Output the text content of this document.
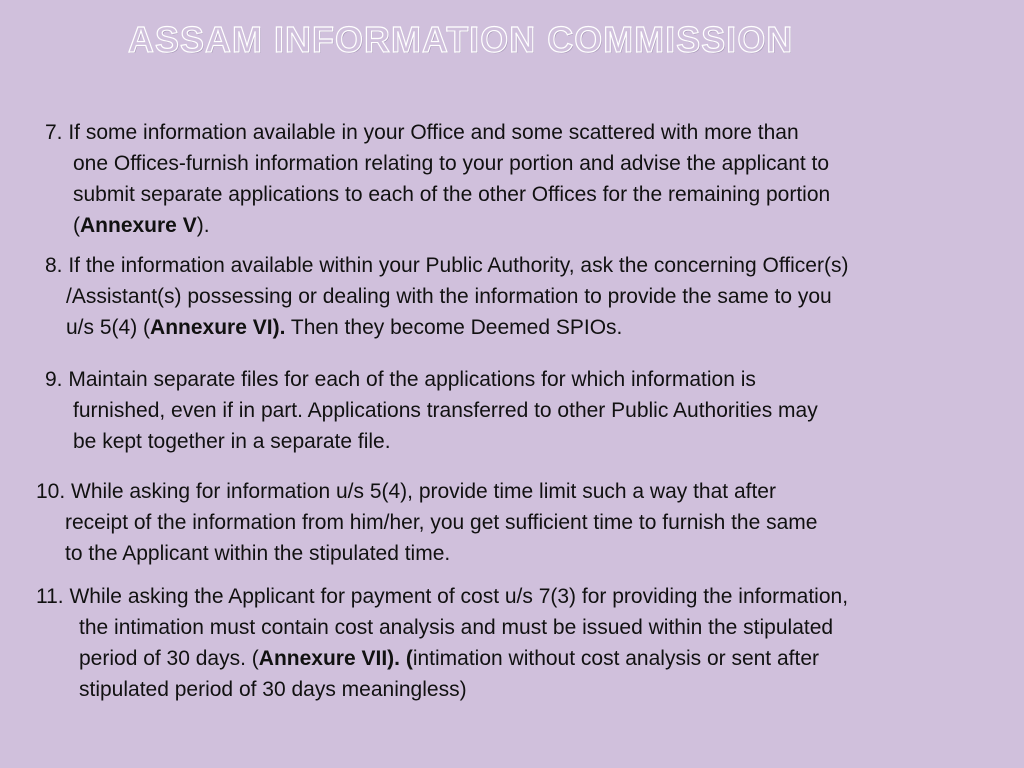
ASSAM INFORMATION COMMISSION
7. If some information available in your Office and some scattered with more than
one Offices-furnish information relating to your portion and advise the applicant to
submit separate applications to each of the other Offices for the remaining portion
(Annexure V).
8. If the information available within your Public Authority, ask the concerning Officer(s)
/Assistant(s) possessing or dealing with the information to provide the same to you
u/s 5(4) (Annexure VI). Then they become Deemed SPIOs.
9. Maintain separate files for each of the applications for which information is
furnished, even if in part. Applications transferred to other Public Authorities may
be kept together in a separate file.
10. While asking for information u/s 5(4), provide time limit such a way that after
receipt of the information from him/her, you get sufficient time to furnish the same
to the Applicant within the stipulated time.
11. While asking the Applicant for payment of cost u/s 7(3) for providing the information,
the intimation must contain cost analysis and must be issued within the stipulated
period of 30 days. (Annexure VII). (intimation without cost analysis or sent after
stipulated period of 30 days meaningless)
